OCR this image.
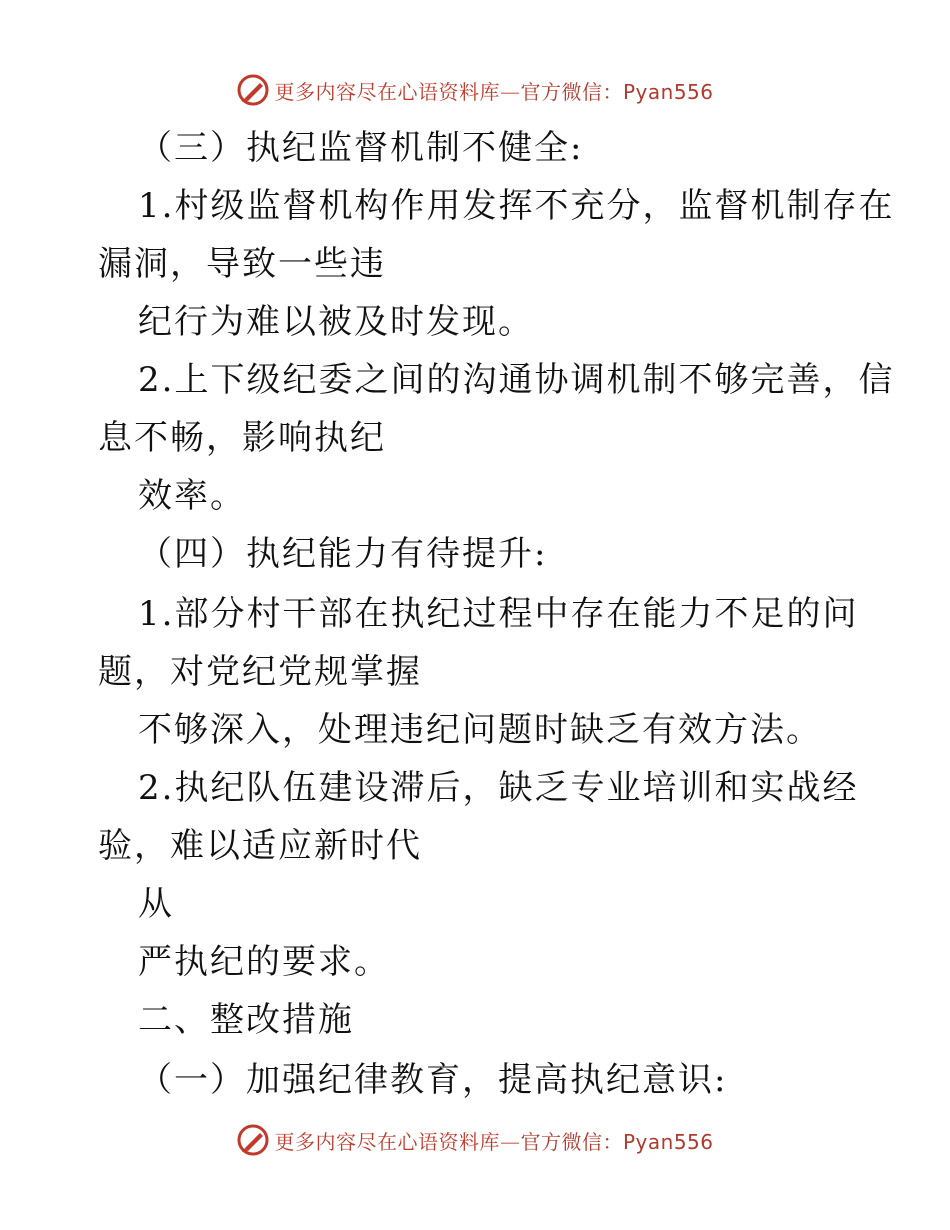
更多内容尽在心语资料库—官方微信：Pyan556
（三）执纪监督机制不健全:
1.村级监督机构作用发挥不充分，监督机制存在
漏洞，导致一些违
纪行为难以被及时发现。
2.上下级纪委之间的沟通协调机制不够完善，信
息不畅，影响执纪
效率。
（四）执纪能力有待提升:
1.部分村干部在执纪过程中存在能力不足的问
题，对党纪党规掌握
不够深入，处理违纪问题时缺乏有效方法。
2.执纪队伍建设滞后，缺乏专业培训和实战经
验，难以适应新时代
从
严执纪的要求。
二、整改措施
（一）加强纪律教育，提高执纪意识:
更多内容尽在心语资料库—官方微信：Pyan556
